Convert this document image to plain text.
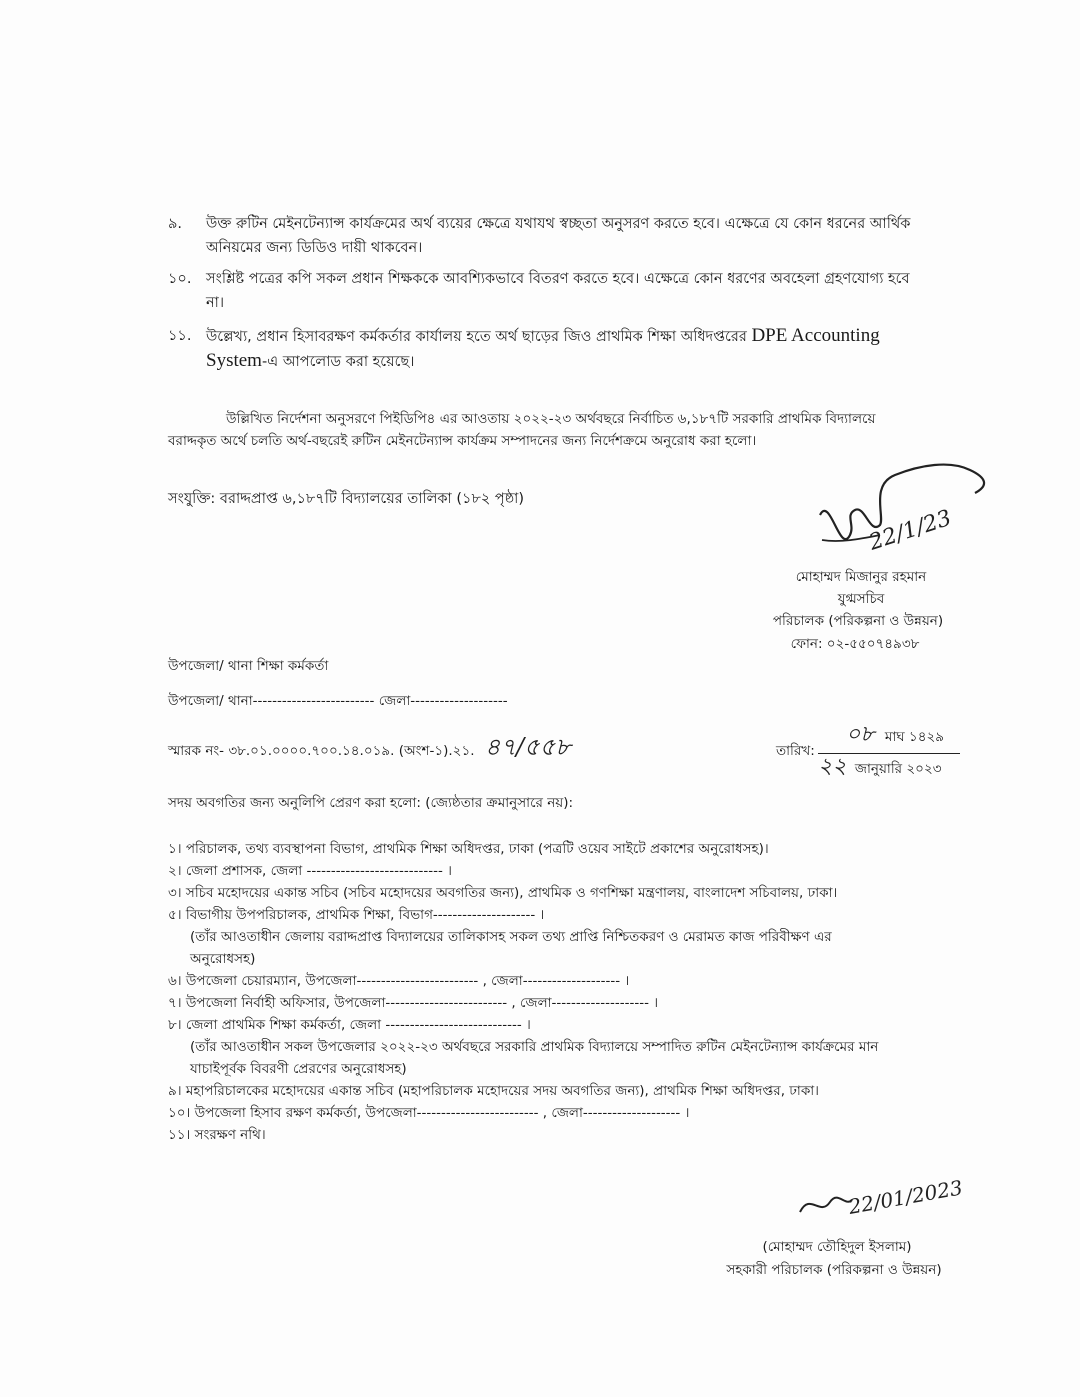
৯. উক্ত রুটিন মেইনটেন্যান্স কার্যক্রমের অর্থ ব্যয়ের ক্ষেত্রে যথাযথ স্বচ্ছতা অনুসরণ করতে হবে। এক্ষেত্রে যে কোন ধরনের আর্থিক
অনিয়মের জন্য ডিডিও দায়ী থাকবেন।
১০. সংশ্লিষ্ট পত্রের কপি সকল প্রধান শিক্ষককে আবশ্যিকভাবে বিতরণ করতে হবে। এক্ষেত্রে কোন ধরণের অবহেলা গ্রহণযোগ্য হবে
না।
১১. উল্লেখ্য, প্রধান হিসাবরক্ষণ কর্মকর্তার কার্যালয় হতে অর্থ ছাড়ের জিও প্রাথমিক শিক্ষা অধিদপ্তরের DPE Accounting
System-এ আপলোড করা হয়েছে।
উল্লিখিত নির্দেশনা অনুসরণে পিইডিপি৪ এর আওতায় ২০২২-২৩ অর্থবছরে নির্বাচিত ৬,১৮৭টি সরকারি প্রাথমিক বিদ্যালয়ে
বরাদ্দকৃত অর্থে চলতি অর্থ-বছরেই রুটিন মেইনটেন্যান্স কার্যক্রম সম্পাদনের জন্য নির্দেশক্রমে অনুরোধ করা হলো।
সংযুক্তি: বরাদ্দপ্রাপ্ত ৬,১৮৭টি বিদ্যালয়ের তালিকা (১৮২ পৃষ্ঠা)
22/1/23
মোহাম্মদ মিজানুর রহমান
যুগ্মসচিব
পরিচালক (পরিকল্পনা ও উন্নয়ন)
ফোন: ০২-৫৫০৭৪৯৩৮
উপজেলা/ থানা শিক্ষা কর্মকর্তা
উপজেলা/ থানা------------------------- জেলা--------------------
স্মারক নং- ৩৮.০১.০০০০.৭০০.১৪.০১৯. (অংশ-১).২১. ৪৭/৫৫৮	তারিখ:
০৮ মাঘ ১৪২৯
২২ জানুয়ারি ২০২৩
সদয় অবগতির জন্য অনুলিপি প্রেরণ করা হলো: (জ্যেষ্ঠতার ক্রমানুসারে নয়):
১। পরিচালক, তথ্য ব্যবস্থাপনা বিভাগ, প্রাথমিক শিক্ষা অধিদপ্তর, ঢাকা (পত্রটি ওয়েব সাইটে প্রকাশের অনুরোধসহ)।
২। জেলা প্রশাসক, জেলা ---------------------------- ।
৩। সচিব মহোদয়ের একান্ত সচিব (সচিব মহোদয়ের অবগতির জন্য), প্রাথমিক ও গণশিক্ষা মন্ত্রণালয়, বাংলাদেশ সচিবালয়, ঢাকা।
৫। বিভাগীয় উপপরিচালক, প্রাথমিক শিক্ষা, বিভাগ--------------------- ।
(তাঁর আওতাধীন জেলায় বরাদ্দপ্রাপ্ত বিদ্যালয়ের তালিকাসহ সকল তথ্য প্রাপ্তি নিশ্চিতকরণ ও মেরামত কাজ পরিবীক্ষণ এর
অনুরোধসহ)
৬। উপজেলা চেয়ারম্যান, উপজেলা------------------------- , জেলা-------------------- ।
৭। উপজেলা নির্বাহী অফিসার, উপজেলা------------------------- , জেলা-------------------- ।
৮। জেলা প্রাথমিক শিক্ষা কর্মকর্তা, জেলা ---------------------------- ।
(তাঁর আওতাধীন সকল উপজেলার ২০২২-২৩ অর্থবছরে সরকারি প্রাথমিক বিদ্যালয়ে সম্পাদিত রুটিন মেইনটেন্যান্স কার্যক্রমের মান
যাচাইপূর্বক বিবরণী প্রেরণের অনুরোধসহ)
৯। মহাপরিচালকের মহোদয়ের একান্ত সচিব (মহাপরিচালক মহোদয়ের সদয় অবগতির জন্য), প্রাথমিক শিক্ষা অধিদপ্তর, ঢাকা।
১০। উপজেলা হিসাব রক্ষণ কর্মকর্তা, উপজেলা------------------------- , জেলা-------------------- ।
১১। সংরক্ষণ নথি।
22/01/2023
(মোহাম্মদ তৌহিদুল ইসলাম)
সহকারী পরিচালক (পরিকল্পনা ও উন্নয়ন)
